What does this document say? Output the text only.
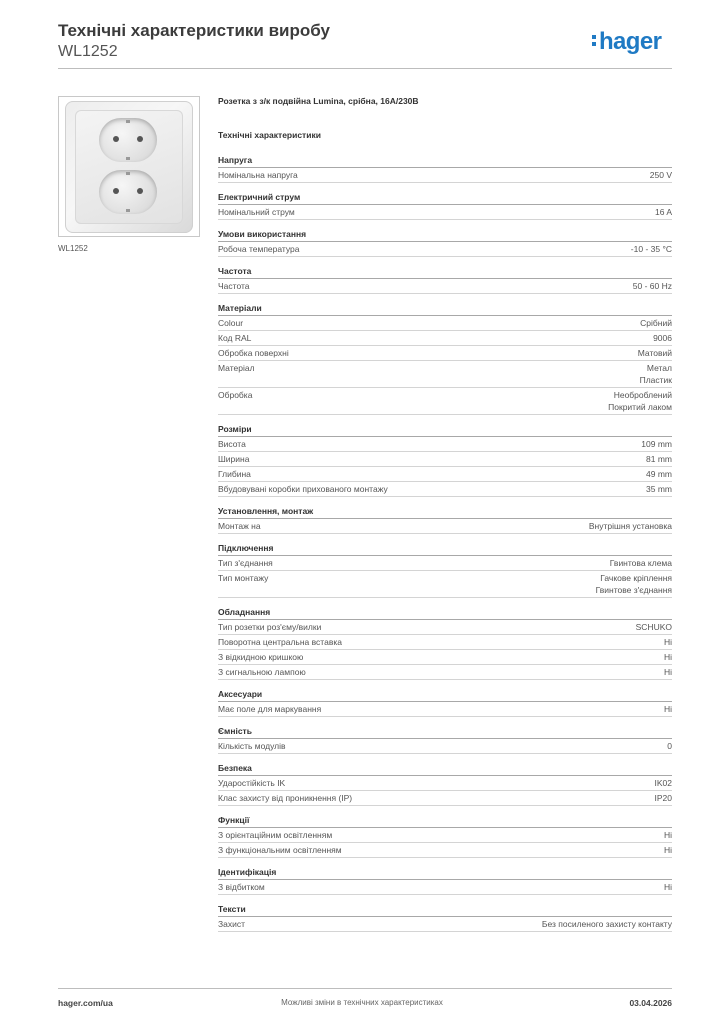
Технічні характеристики виробу
WL1252	hager
WL1252
Розетка з з/к подвійна Lumina, срібна, 16А/230В
Технічні характеристики
Напруга
Номінальна напруга	250 V
Електричний струм
Номінальний струм	16 A
Умови використання
Робоча температура	-10 - 35 °C
Частота
Частота	50 - 60 Hz
Матеріали
Colour	Срібний
Код RAL	9006
Обробка поверхні	Матовий
Матеріал	Метал
Пластик
Обробка	Необроблений
Покритий лаком
Розміри
Висота	109 mm
Ширина	81 mm
Глибина	49 mm
Вбудовувані коробки прихованого монтажу	35 mm
Установлення, монтаж
Монтаж на	Внутрішня установка
Підключення
Тип з'єднання	Гвинтова клема
Тип монтажу	Гачкове кріплення
Гвинтове з'єднання
Обладнання
Тип розетки роз'єму/вилки	SCHUKO
Поворотна центральна вставка	Ні
З відкидною кришкою	Ні
З сигнальною лампою	Ні
Аксесуари
Має поле для маркування	Ні
Ємність
Кількість модулів	0
Безпека
Ударостійкість IK	IK02
Клас захисту від проникнення (IP)	IP20
Функції
З орієнтаційним освітленням	Ні
З функціональним освітленням	Ні
Ідентифікація
З відбитком	Ні
Тексти
Захист	Без посиленого захисту контакту
hager.com/ua	Можливі зміни в технічних характеристиках	03.04.2026
